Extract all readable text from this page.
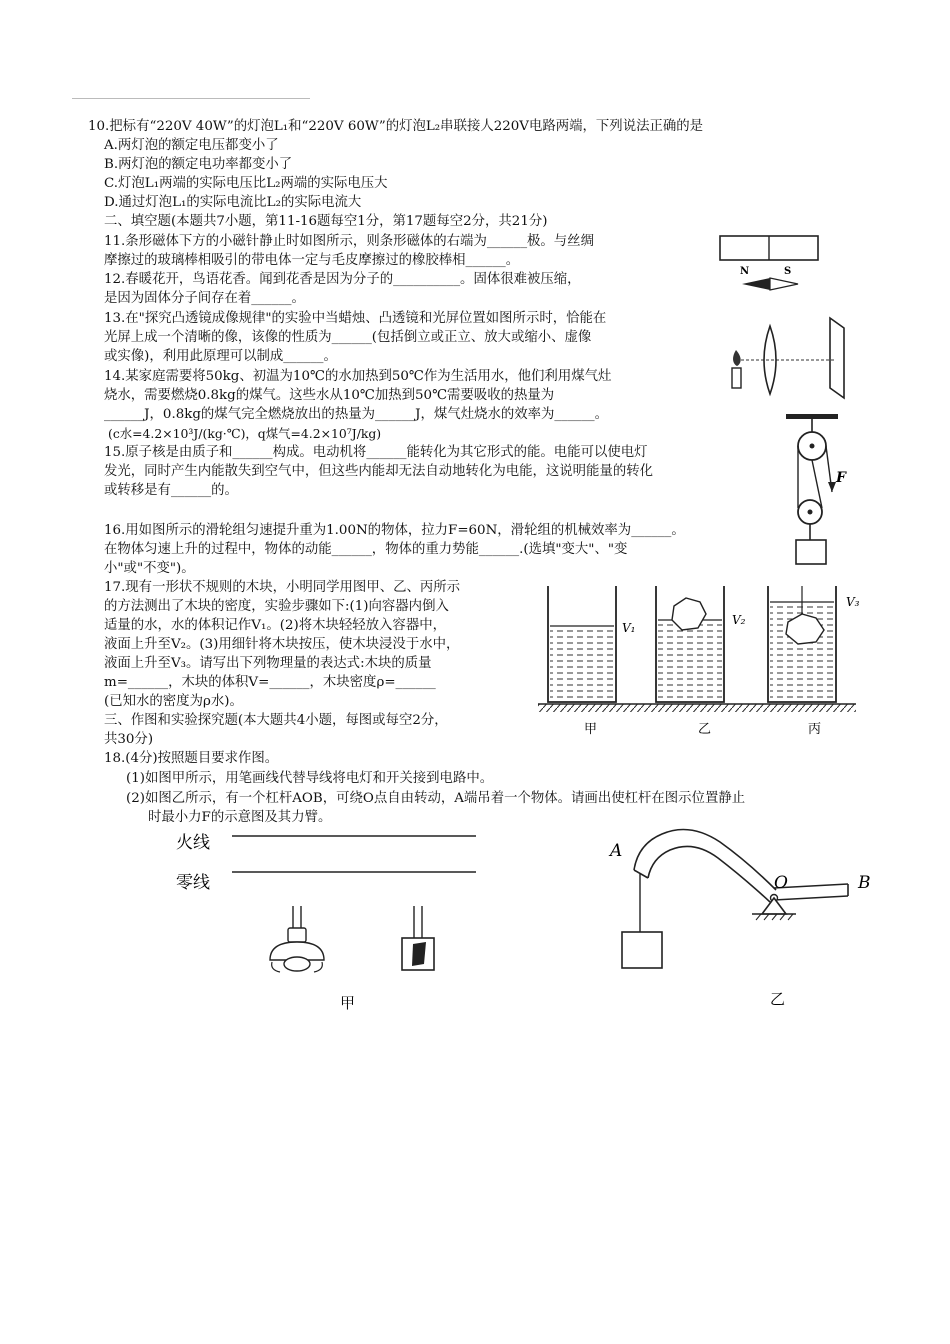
10.把标有“220V 40W”的灯泡L₁和“220V 60W”的灯泡L₂串联接人220V电路两端，下列说法正确的是
A.两灯泡的额定电压都变小了
B.两灯泡的额定电功率都变小了
C.灯泡L₁两端的实际电压比L₂两端的实际电压大
D.通过灯泡L₁的实际电流比L₂的实际电流大
二、填空题(本题共7小题，第11-16题每空1分，第17题每空2分，共21分)
11.条形磁体下方的小磁针静止时如图所示，则条形磁体的右端为______极。与丝绸
摩擦过的玻璃棒相吸引的带电体一定与毛皮摩擦过的橡胶棒相______。
N	S
12.春暖花开，鸟语花香。闻到花香是因为分子的__________。固体很难被压缩，
是因为固体分子间存在着______。
13.在"探究凸透镜成像规律"的实验中当蜡烛、凸透镜和光屏位置如图所示时，恰能在
光屏上成一个清晰的像，该像的性质为______(包括倒立或正立、放大或缩小、虚像
或实像)，利用此原理可以制成______。
14.某家庭需要将50kg、初温为10℃的水加热到50℃作为生活用水，他们利用煤气灶
烧水，需要燃烧0.8kg的煤气。这些水从10℃加热到50℃需要吸收的热量为
______J，0.8kg的煤气完全燃烧放出的热量为______J，煤气灶烧水的效率为______。
(c水=4.2×10³J/(kg·℃)，q煤气=4.2×10⁷J/kg)
15.原子核是由质子和______构成。电动机将______能转化为其它形式的能。电能可以使电灯
发光，同时产生内能散失到空气中，但这些内能却无法自动地转化为电能，这说明能量的转化
或转移是有______的。
F
16.用如图所示的滑轮组匀速提升重为1.00N的物体，拉力F=60N，滑轮组的机械效率为______。
在物体匀速上升的过程中，物体的动能______，物体的重力势能______.(选填"变大"、"变
小"或"不变")。
17.现有一形状不规则的木块，小明同学用图甲、乙、丙所示
的方法测出了木块的密度，实验步骤如下:(1)向容器内倒入
适量的水，水的体积记作V₁。(2)将木块轻轻放入容器中，
液面上升至V₂。(3)用细针将木块按压，使木块浸没于水中，
液面上升至V₃。请写出下列物理量的表达式:木块的质量
m=______，木块的体积V=______，木块密度ρ=______
(已知水的密度为ρ水)。
V₁
V₂
V₃
甲	乙	丙
三、作图和实验探究题(本大题共4小题，每图或每空2分，
共30分)
18.(4分)按照题目要求作图。
(1)如图甲所示，用笔画线代替导线将电灯和开关接到电路中。
(2)如图乙所示，有一个杠杆AOB，可绕O点自由转动，A端吊着一个物体。请画出使杠杆在图示位置静止
时最小力F的示意图及其力臂。
火线
零线
甲
A
O	B
乙
